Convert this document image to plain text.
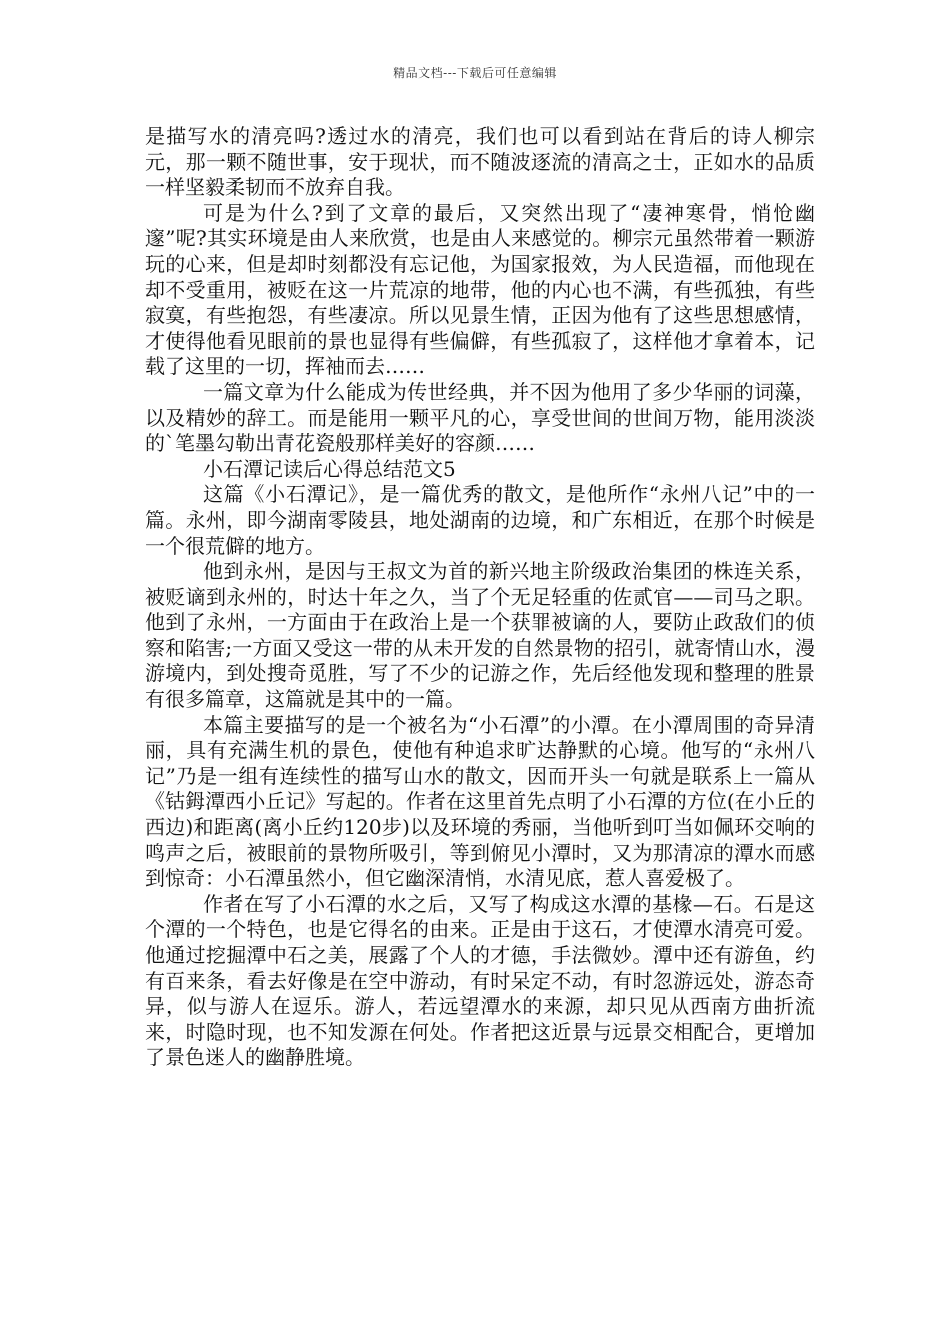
精品文档---下载后可任意编辑

是描写水的清亮吗?透过水的清亮，我们也可以看到站在背后的诗人柳宗元，那一颗不随世事，安于现状，而不随波逐流的清高之士，正如水的品质一样坚毅柔韧而不放弃自我。

可是为什么?到了文章的最后，又突然出现了“凄神寒骨，悄怆幽邃”呢?其实环境是由人来欣赏，也是由人来感觉的。柳宗元虽然带着一颗游玩的心来，但是却时刻都没有忘记他，为国家报效，为人民造福，而他现在却不受重用，被贬在这一片荒凉的地带，他的内心也不满，有些孤独，有些寂寞，有些抱怨，有些凄凉。所以见景生情，正因为他有了这些思想感情，才使得他看见眼前的景也显得有些偏僻，有些孤寂了，这样他才拿着本，记载了这里的一切，挥袖而去……

一篇文章为什么能成为传世经典，并不因为他用了多少华丽的词藻，以及精妙的辞工。而是能用一颗平凡的心，享受世间的世间万物，能用淡淡的`笔墨勾勒出青花瓷般那样美好的容颜……

小石潭记读后心得总结范文5

这篇《小石潭记》，是一篇优秀的散文，是他所作“永州八记”中的一篇。永州，即今湖南零陵县，地处湖南的边境，和广东相近，在那个时候是一个很荒僻的地方。

他到永州，是因与王叔文为首的新兴地主阶级政治集团的株连关系，被贬谪到永州的，时达十年之久，当了个无足轻重的佐贰官——司马之职。他到了永州，一方面由于在政治上是一个获罪被谪的人，要防止政敌们的侦察和陷害;一方面又受这一带的从未开发的自然景物的招引，就寄情山水，漫游境内，到处搜奇觅胜，写了不少的记游之作，先后经他发现和整理的胜景有很多篇章，这篇就是其中的一篇。

本篇主要描写的是一个被名为“小石潭”的小潭。在小潭周围的奇异清丽，具有充满生机的景色，使他有种追求旷达静默的心境。他写的“永州八记”乃是一组有连续性的描写山水的散文，因而开头一句就是联系上一篇从《钴鉧潭西小丘记》写起的。作者在这里首先点明了小石潭的方位(在小丘的西边)和距离(离小丘约120步)以及环境的秀丽，当他听到叮当如佩环交响的鸣声之后，被眼前的景物所吸引，等到俯见小潭时，又为那清凉的潭水而感到惊奇：小石潭虽然小，但它幽深清悄，水清见底，惹人喜爱极了。

作者在写了小石潭的水之后，又写了构成这水潭的基椽—石。石是这个潭的一个特色，也是它得名的由来。正是由于这石，才使潭水清亮可爱。他通过挖掘潭中石之美，展露了个人的才德，手法微妙。潭中还有游鱼，约有百来条，看去好像是在空中游动，有时呆定不动，有时忽游远处，游态奇异，似与游人在逗乐。游人，若远望潭水的来源，却只见从西南方曲折流来，时隐时现，也不知发源在何处。作者把这近景与远景交相配合，更增加了景色迷人的幽静胜境。
